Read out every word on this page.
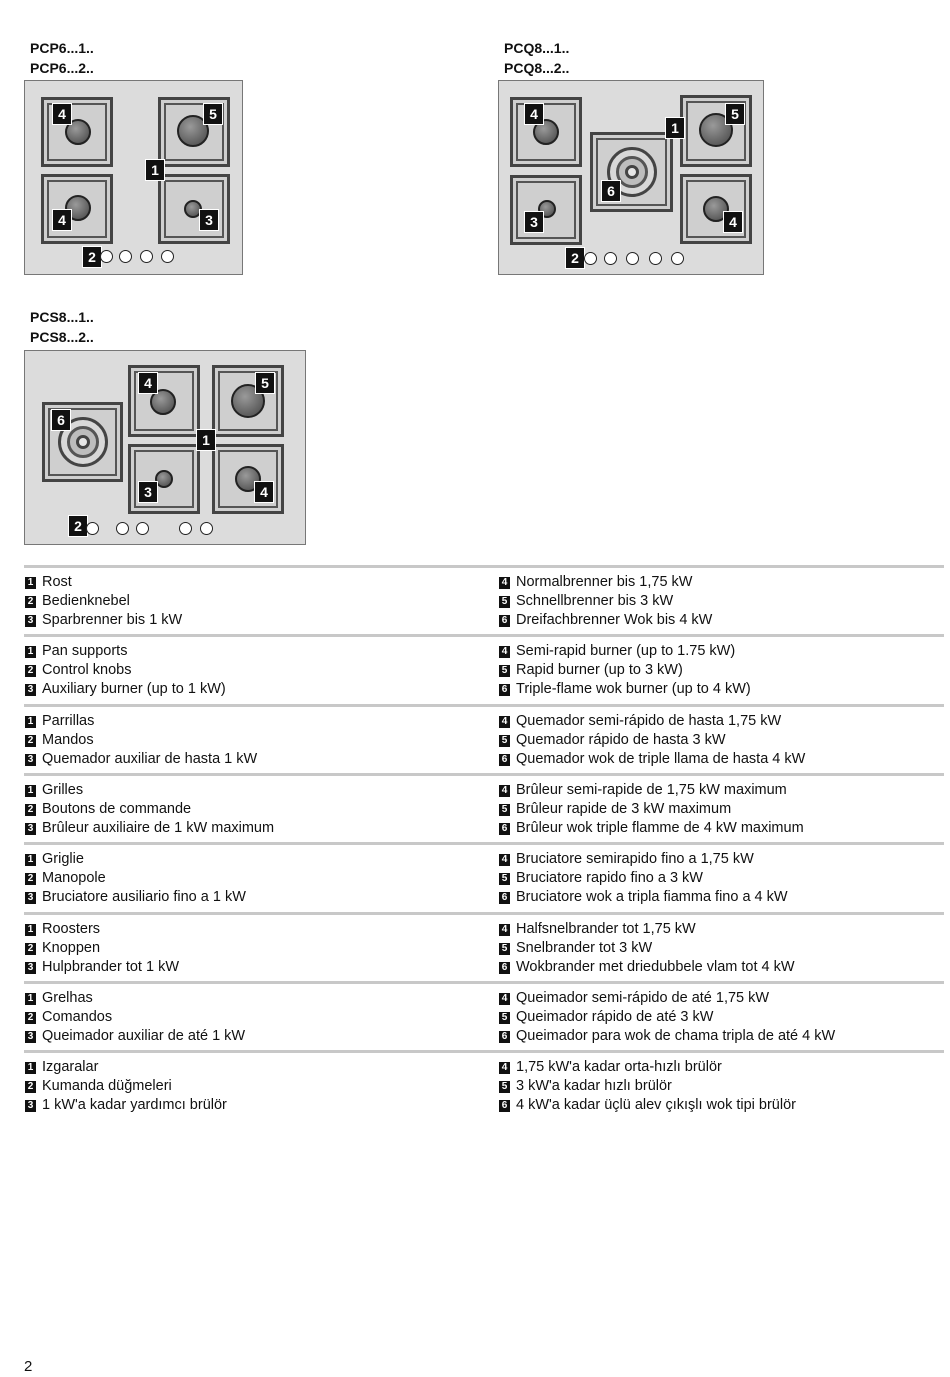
PCP6...1..
PCP6...2..
4	5
1
4	3
2
PCQ8...1..
PCQ8...2..
4	5
1
6
3	4
2
PCS8...1..
PCS8...2..
4	5
6
1
3	4
2
1 Rost
2 Bedienknebel
3 Sparbrenner bis 1 kW
4 Normalbrenner bis 1,75 kW
5 Schnellbrenner bis 3 kW
6 Dreifachbrenner Wok bis 4 kW
1 Pan supports
2 Control knobs
3 Auxiliary burner (up to 1 kW)
4 Semi-rapid burner (up to 1.75 kW)
5 Rapid burner (up to 3 kW)
6 Triple-flame wok burner (up to 4 kW)
1 Parrillas
2 Mandos
3 Quemador auxiliar de hasta 1 kW
4 Quemador semi-rápido de hasta 1,75 kW
5 Quemador rápido de hasta 3 kW
6 Quemador wok de triple llama de hasta 4 kW
1 Grilles
2 Boutons de commande
3 Brûleur auxiliaire de 1 kW maximum
4 Brûleur semi-rapide de 1,75 kW maximum
5 Brûleur rapide de 3 kW maximum
6 Brûleur wok triple flamme de 4 kW maximum
1 Griglie
2 Manopole
3 Bruciatore ausiliario fino a 1 kW
4 Bruciatore semirapido fino a 1,75 kW
5 Bruciatore rapido fino a 3 kW
6 Bruciatore wok a tripla fiamma fino a 4 kW
1 Roosters
2 Knoppen
3 Hulpbrander tot 1 kW
4 Halfsnelbrander tot 1,75 kW
5 Snelbrander tot 3 kW
6 Wokbrander met driedubbele vlam tot 4 kW
1 Grelhas
2 Comandos
3 Queimador auxiliar de até 1 kW
4 Queimador semi-rápido de até 1,75 kW
5 Queimador rápido de até 3 kW
6 Queimador para wok de chama tripla de até 4 kW
1 Izgaralar
2 Kumanda düğmeleri
3 1 kW'a kadar yardımcı brülör
4 1,75 kW'a kadar orta-hızlı brülör
5 3 kW'a kadar hızlı brülör
6 4 kW'a kadar üçlü alev çıkışlı wok tipi brülör
2
